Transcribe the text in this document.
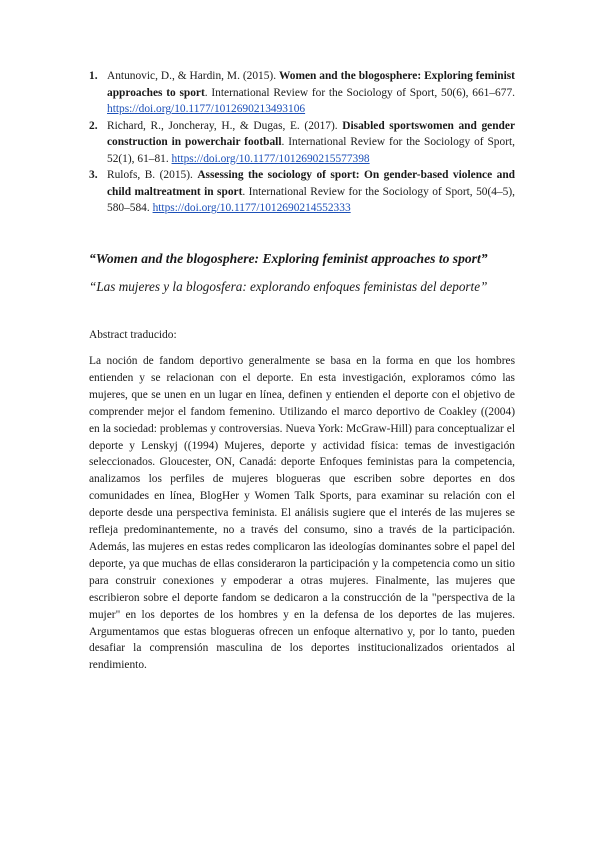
1. Antunovic, D., & Hardin, M. (2015). Women and the blogosphere: Exploring feminist approaches to sport. International Review for the Sociology of Sport, 50(6), 661–677. https://doi.org/10.1177/1012690213493106
2. Richard, R., Joncheray, H., & Dugas, E. (2017). Disabled sportswomen and gender construction in powerchair football. International Review for the Sociology of Sport, 52(1), 61–81. https://doi.org/10.1177/1012690215577398
3. Rulofs, B. (2015). Assessing the sociology of sport: On gender-based violence and child maltreatment in sport. International Review for the Sociology of Sport, 50(4–5), 580–584. https://doi.org/10.1177/1012690214552333

“Women and the blogosphere: Exploring feminist approaches to sport”

“Las mujeres y la blogosfera: explorando enfoques feministas del deporte”

Abstract traducido:

La noción de fandom deportivo generalmente se basa en la forma en que los hombres entienden y se relacionan con el deporte. En esta investigación, exploramos cómo las mujeres, que se unen en un lugar en línea, definen y entienden el deporte con el objetivo de comprender mejor el fandom femenino. Utilizando el marco deportivo de Coakley ((2004) en la sociedad: problemas y controversias. Nueva York: McGraw-Hill) para conceptualizar el deporte y Lenskyj ((1994) Mujeres, deporte y actividad física: temas de investigación seleccionados. Gloucester, ON, Canadá: deporte Enfoques feministas para la competencia, analizamos los perfiles de mujeres blogueras que escriben sobre deportes en dos comunidades en línea, BlogHer y Women Talk Sports, para examinar su relación con el deporte desde una perspectiva feminista. El análisis sugiere que el interés de las mujeres se refleja predominantemente, no a través del consumo, sino a través de la participación. Además, las mujeres en estas redes complicaron las ideologías dominantes sobre el papel del deporte, ya que muchas de ellas consideraron la participación y la competencia como un sitio para construir conexiones y empoderar a otras mujeres. Finalmente, las mujeres que escribieron sobre el deporte fandom se dedicaron a la construcción de la "perspectiva de la mujer" en los deportes de los hombres y en la defensa de los deportes de las mujeres. Argumentamos que estas blogueras ofrecen un enfoque alternativo y, por lo tanto, pueden desafiar la comprensión masculina de los deportes institucionalizados orientados al rendimiento.
